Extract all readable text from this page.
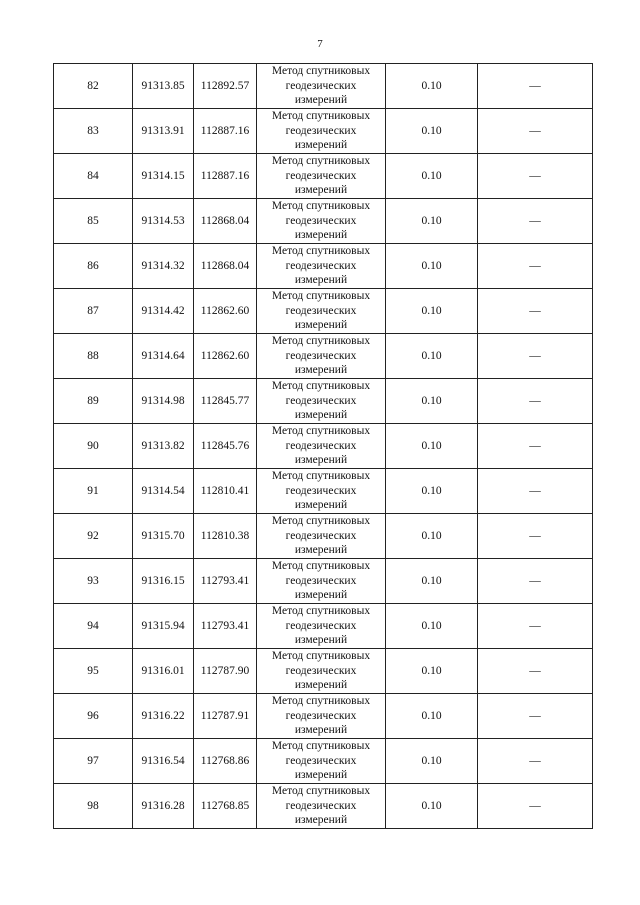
7
82	91313.85	112892.57	Метод спутниковых
геодезических
измерений	0.10	—
83	91313.91	112887.16	Метод спутниковых
геодезических
измерений	0.10	—
84	91314.15	112887.16	Метод спутниковых
геодезических
измерений	0.10	—
85	91314.53	112868.04	Метод спутниковых
геодезических
измерений	0.10	—
86	91314.32	112868.04	Метод спутниковых
геодезических
измерений	0.10	—
87	91314.42	112862.60	Метод спутниковых
геодезических
измерений	0.10	—
88	91314.64	112862.60	Метод спутниковых
геодезических
измерений	0.10	—
89	91314.98	112845.77	Метод спутниковых
геодезических
измерений	0.10	—
90	91313.82	112845.76	Метод спутниковых
геодезических
измерений	0.10	—
91	91314.54	112810.41	Метод спутниковых
геодезических
измерений	0.10	—
92	91315.70	112810.38	Метод спутниковых
геодезических
измерений	0.10	—
93	91316.15	112793.41	Метод спутниковых
геодезических
измерений	0.10	—
94	91315.94	112793.41	Метод спутниковых
геодезических
измерений	0.10	—
95	91316.01	112787.90	Метод спутниковых
геодезических
измерений	0.10	—
96	91316.22	112787.91	Метод спутниковых
геодезических
измерений	0.10	—
97	91316.54	112768.86	Метод спутниковых
геодезических
измерений	0.10	—
98	91316.28	112768.85	Метод спутниковых
геодезических
измерений	0.10	—
